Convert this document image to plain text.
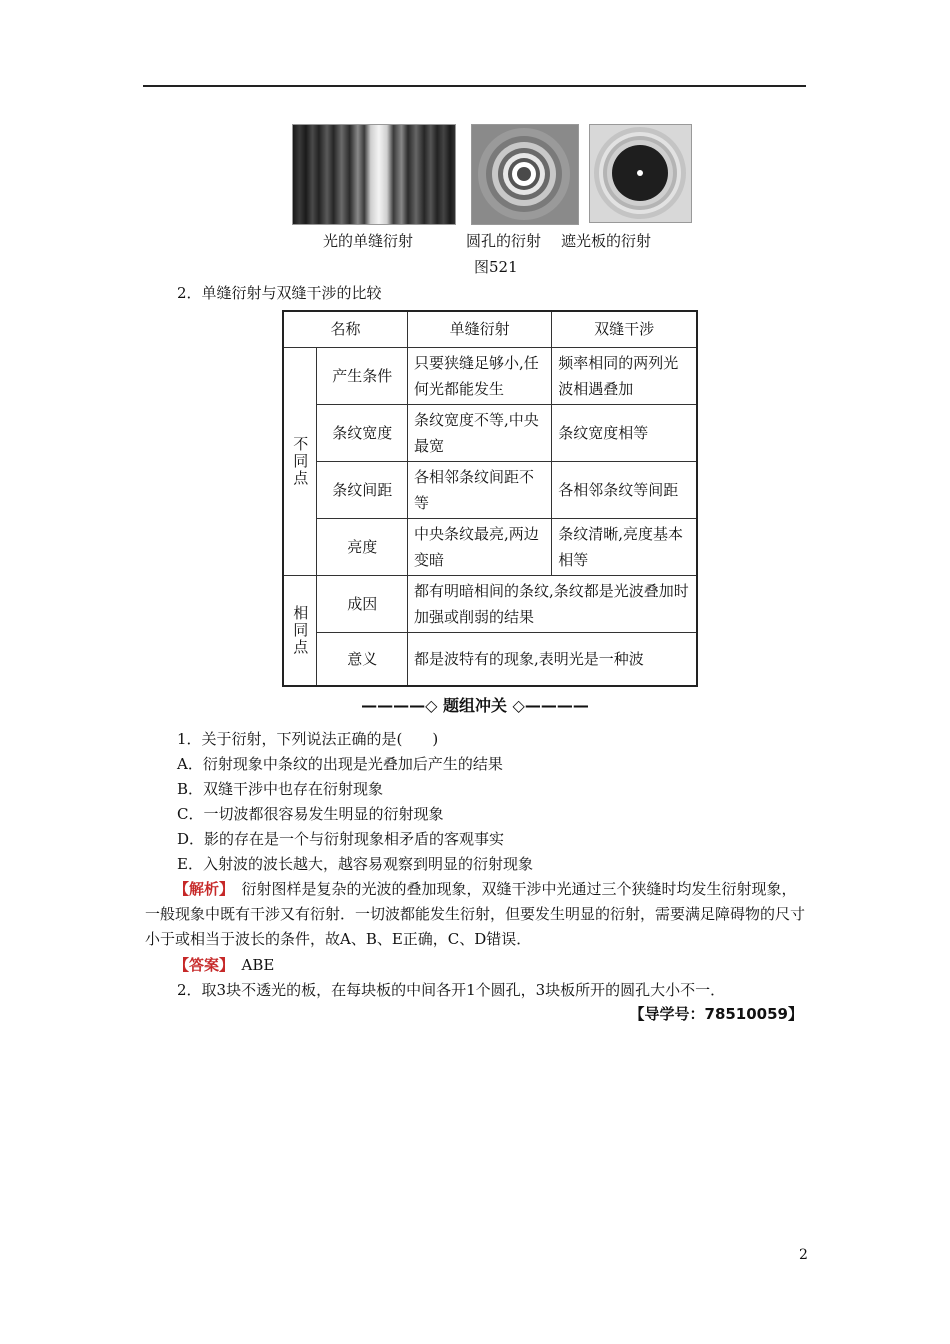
光的单缝衍射	圆孔的衍射 遮光板的衍射
图521
2．单缝衍射与双缝干涉的比较
名称		单缝衍射	双缝干涉
不同点	产生条件	只要狭缝足够小,任何光都能发生	频率相同的两列光波相遇叠加
	条纹宽度	条纹宽度不等,中央最宽	条纹宽度相等
	条纹间距	各相邻条纹间距不等	各相邻条纹等间距
	亮度	中央条纹最亮,两边变暗	条纹清晰,亮度基本相等
相同点	成因	都有明暗相间的条纹,条纹都是光波叠加时加强或削弱的结果	
	意义	都是波特有的现象,表明光是一种波	
————◇ 题组冲关 ◇————
1．关于衍射，下列说法正确的是(　　)
A．衍射现象中条纹的出现是光叠加后产生的结果
B．双缝干涉中也存在衍射现象
C．一切波都很容易发生明显的衍射现象
D．影的存在是一个与衍射现象相矛盾的客观事实
E．入射波的波长越大，越容易观察到明显的衍射现象
【解析】　 衍射图样是复杂的光波的叠加现象，双缝干涉中光通过三个狭缝时均发生衍射现象，一般现象中既有干涉又有衍射．一切波都能发生衍射，但要发生明显的衍射，需要满足障碍物的尺寸小于或相当于波长的条件，故A、B、E正确，C、D错误．
【答案】　 ABE
2．取3块不透光的板，在每块板的中间各开1个圆孔，3块板所开的圆孔大小不一．
【导学号：78510059】
2
